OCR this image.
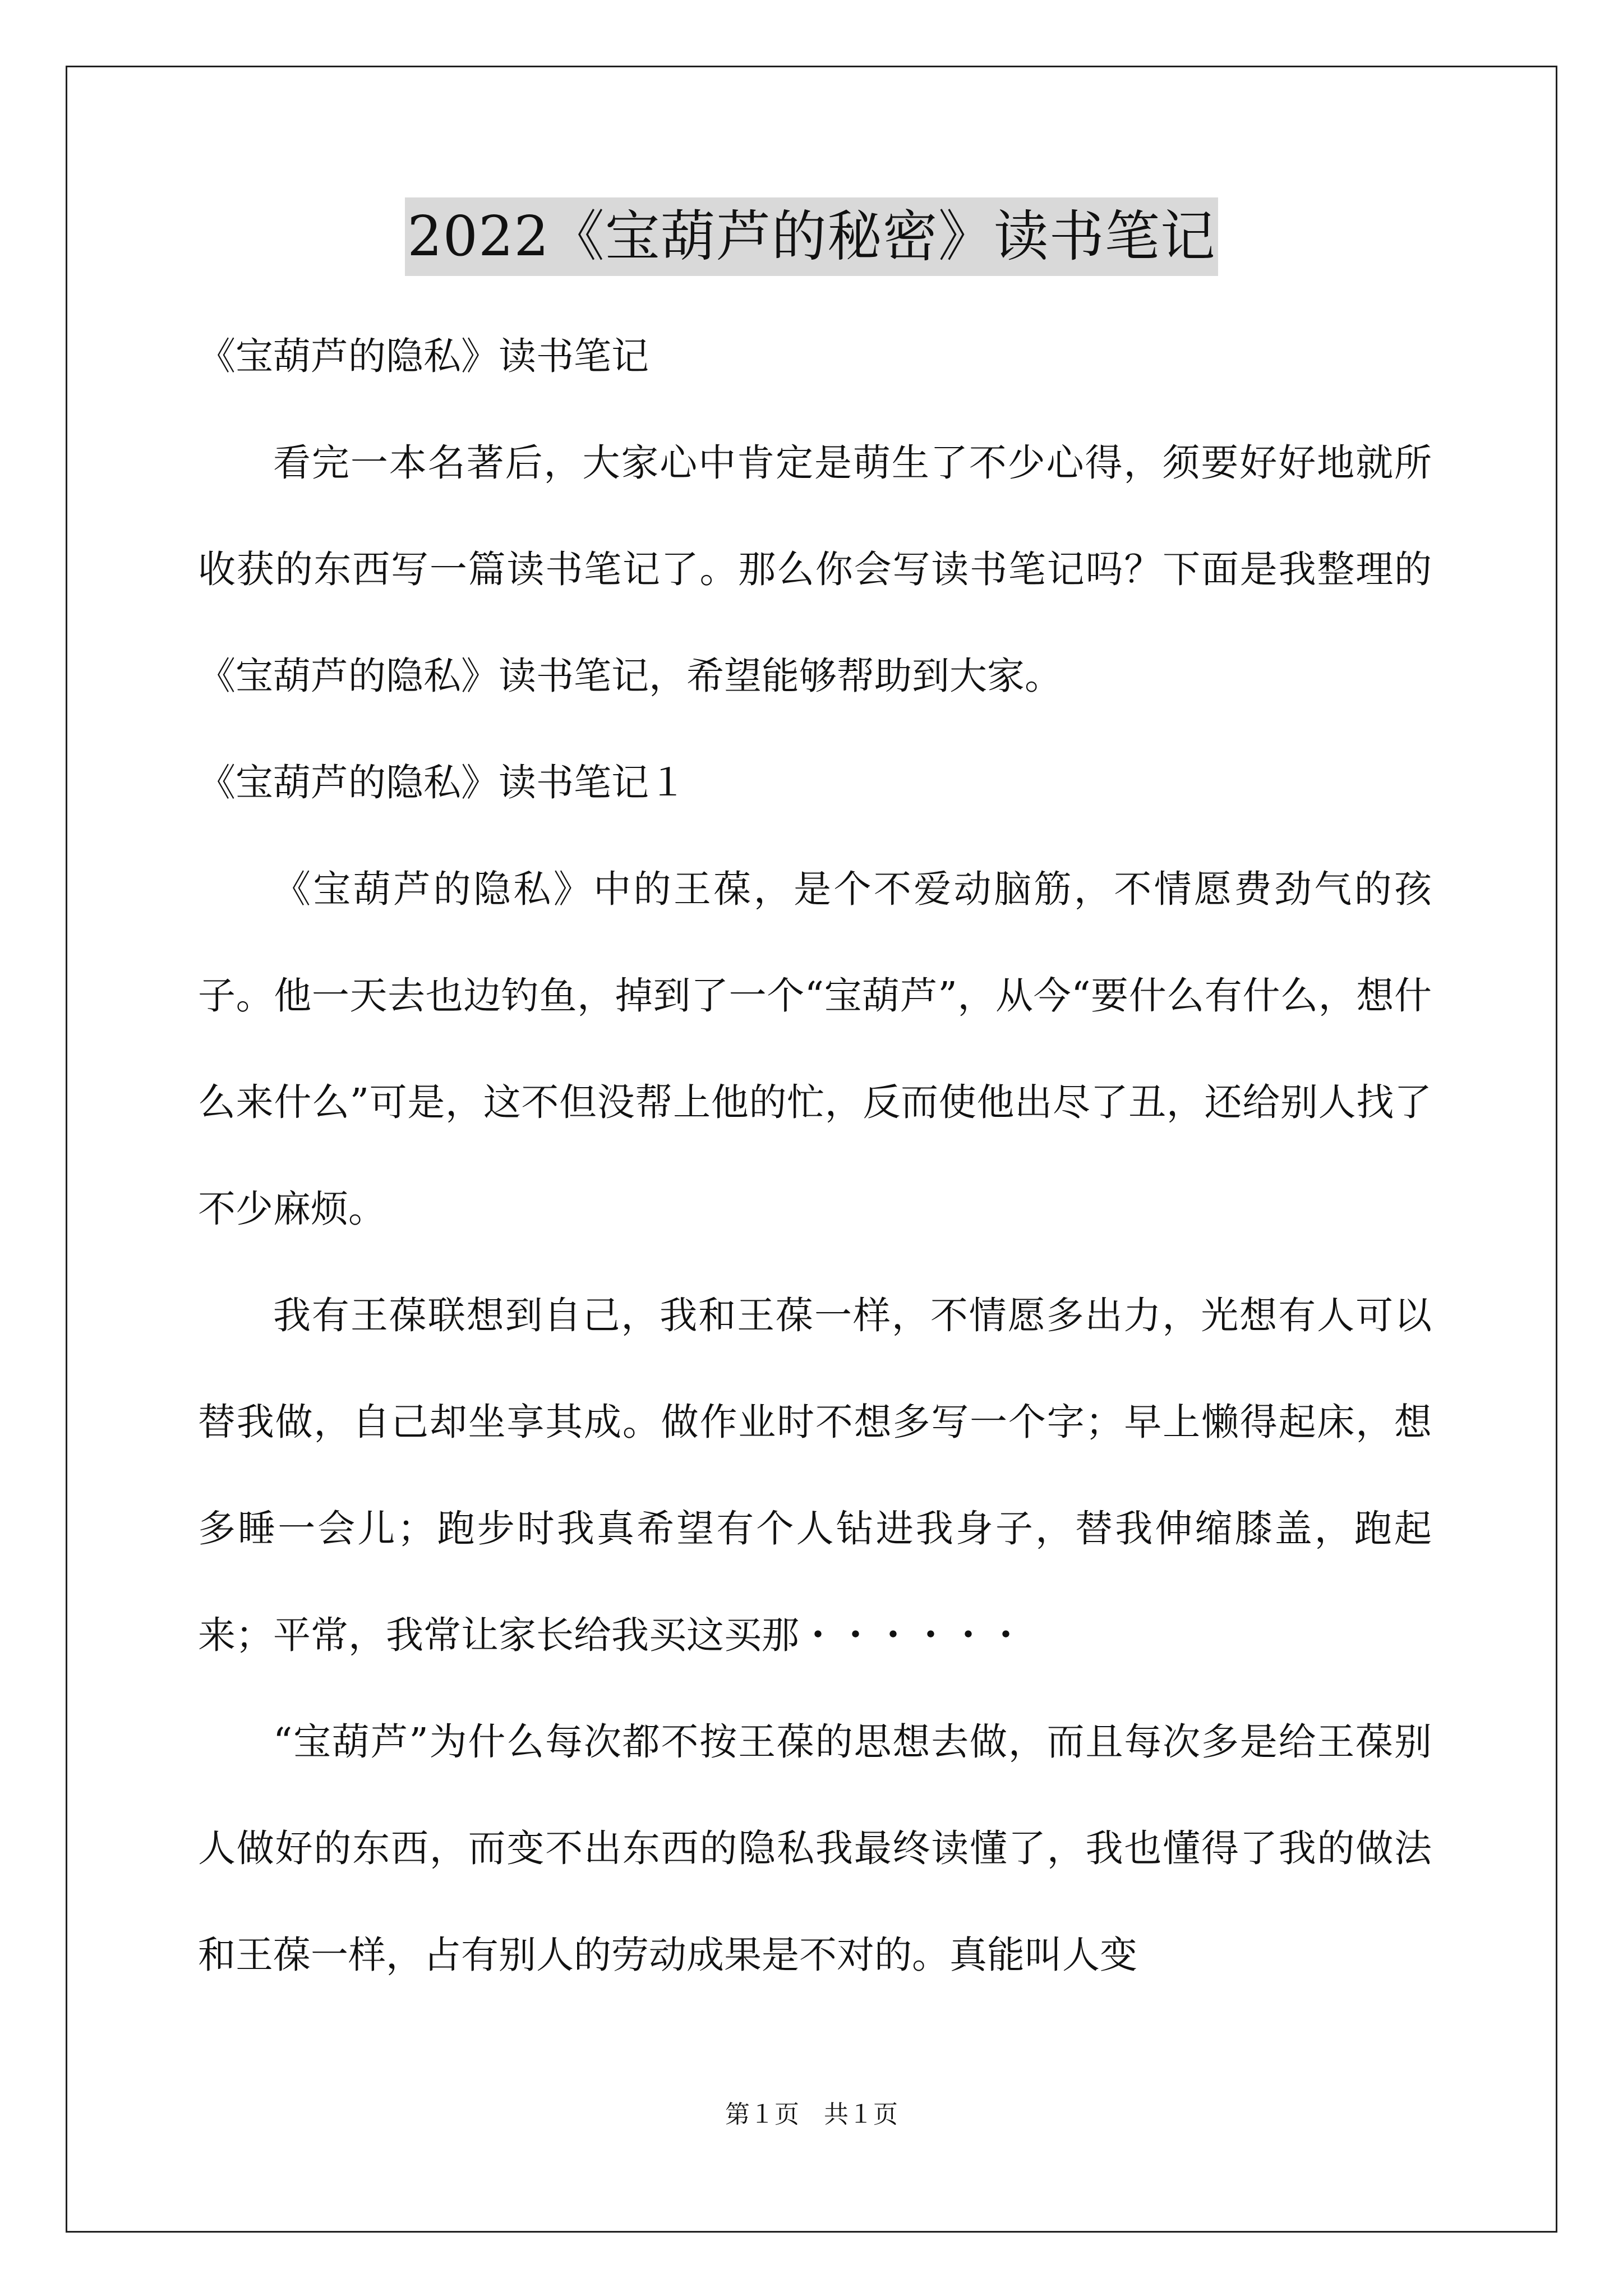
2022《宝葫芦的秘密》读书笔记

《宝葫芦的隐私》读书笔记

看完一本名著后，大家心中肯定是萌生了不少心得，须要好好地就所收获的东西写一篇读书笔记了。那么你会写读书笔记吗？下面是我整理的《宝葫芦的隐私》读书笔记，希望能够帮助到大家。

《宝葫芦的隐私》读书笔记１

《宝葫芦的隐私》中的王葆，是个不爱动脑筋，不情愿费劲气的孩子。他一天去也边钓鱼，掉到了一个“宝葫芦”，从今“要什么有什么，想什么来什么”可是，这不但没帮上他的忙，反而使他出尽了丑，还给别人找了不少麻烦。

我有王葆联想到自己，我和王葆一样，不情愿多出力，光想有人可以替我做，自己却坐享其成。做作业时不想多写一个字；早上懒得起床，想多睡一会儿；跑步时我真希望有个人钻进我身子，替我伸缩膝盖，跑起来；平常，我常让家长给我买这买那・・・・・・

“宝葫芦”为什么每次都不按王葆的思想去做，而且每次多是给王葆别人做好的东西，而变不出东西的隐私我最终读懂了，我也懂得了我的做法和王葆一样，占有别人的劳动成果是不对的。真能叫人变

第１页　共１页
